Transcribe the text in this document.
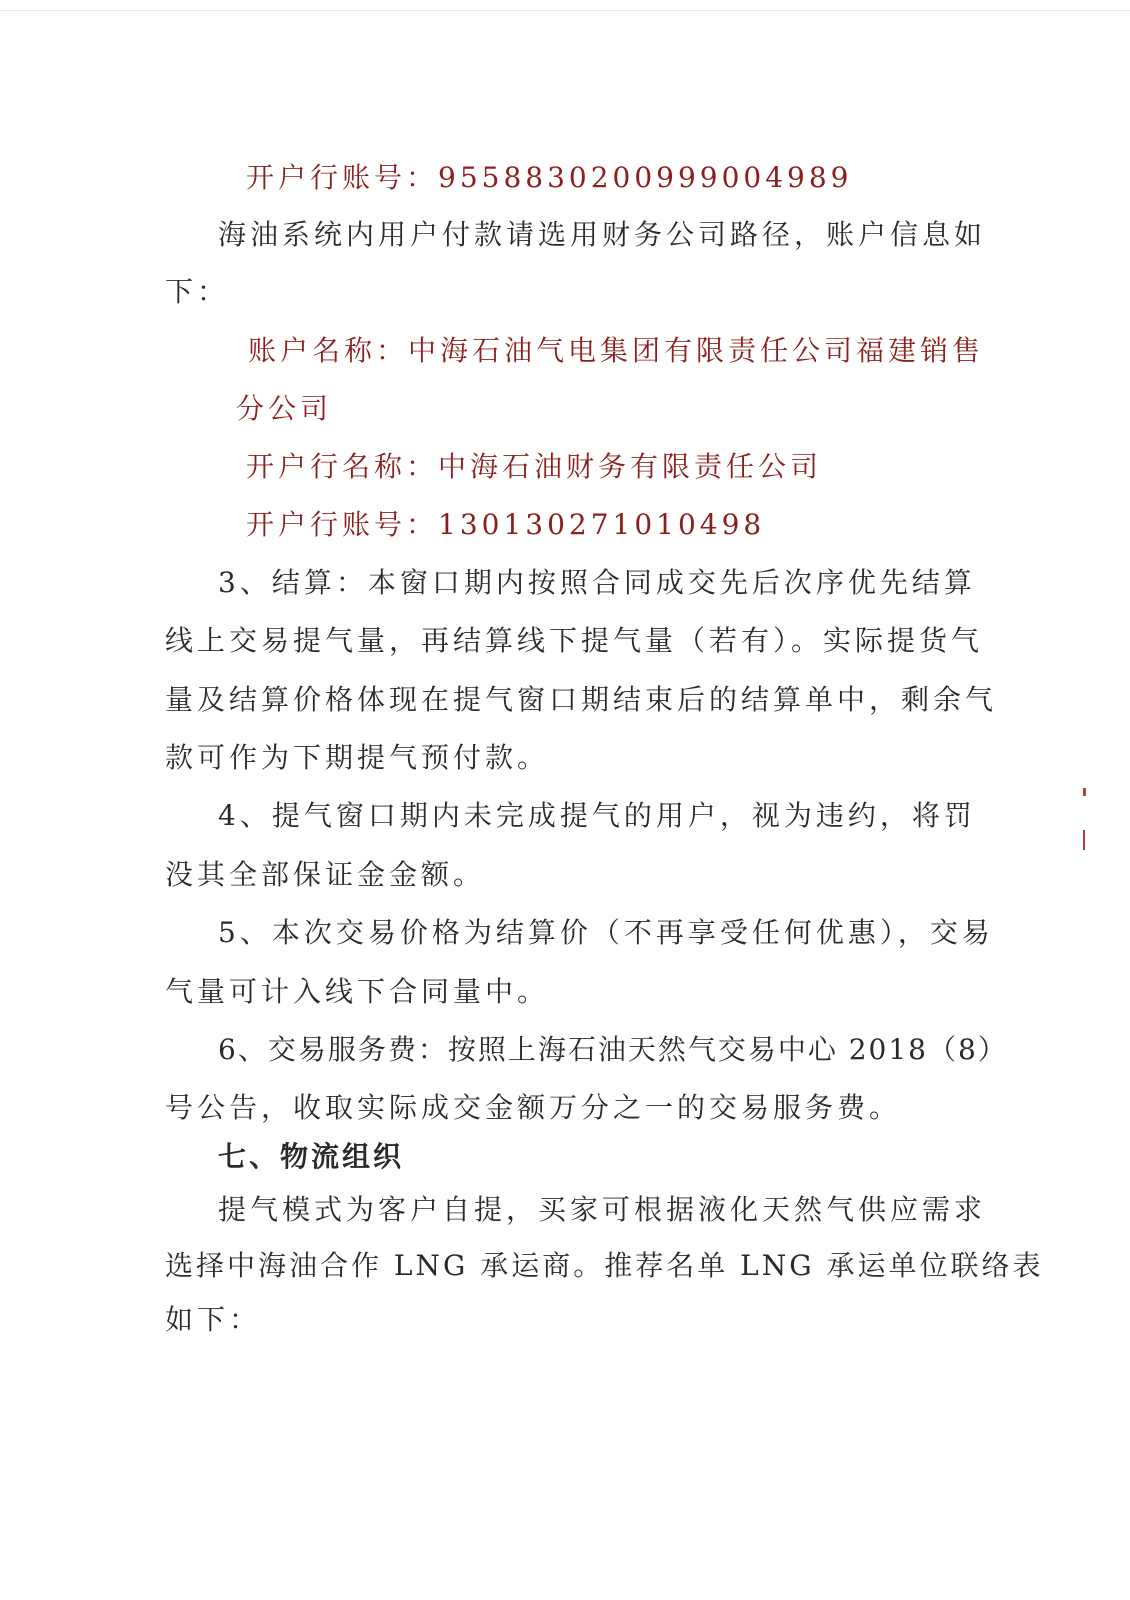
开户行账号：9558830200999004989
海油系统内用户付款请选用财务公司路径，账户信息如
下：
账户名称：中海石油气电集团有限责任公司福建销售
分公司
开户行名称：中海石油财务有限责任公司
开户行账号：130130271010498
3、结算：本窗口期内按照合同成交先后次序优先结算
线上交易提气量，再结算线下提气量（若有）。实际提货气
量及结算价格体现在提气窗口期结束后的结算单中，剩余气
款可作为下期提气预付款。
4、提气窗口期内未完成提气的用户，视为违约，将罚
没其全部保证金金额。
5、本次交易价格为结算价（不再享受任何优惠），交易
气量可计入线下合同量中。
6、交易服务费：按照上海石油天然气交易中心 2018（8）
号公告，收取实际成交金额万分之一的交易服务费。
七、物流组织
提气模式为客户自提，买家可根据液化天然气供应需求
选择中海油合作 LNG 承运商。推荐名单 LNG 承运单位联络表
如下：
